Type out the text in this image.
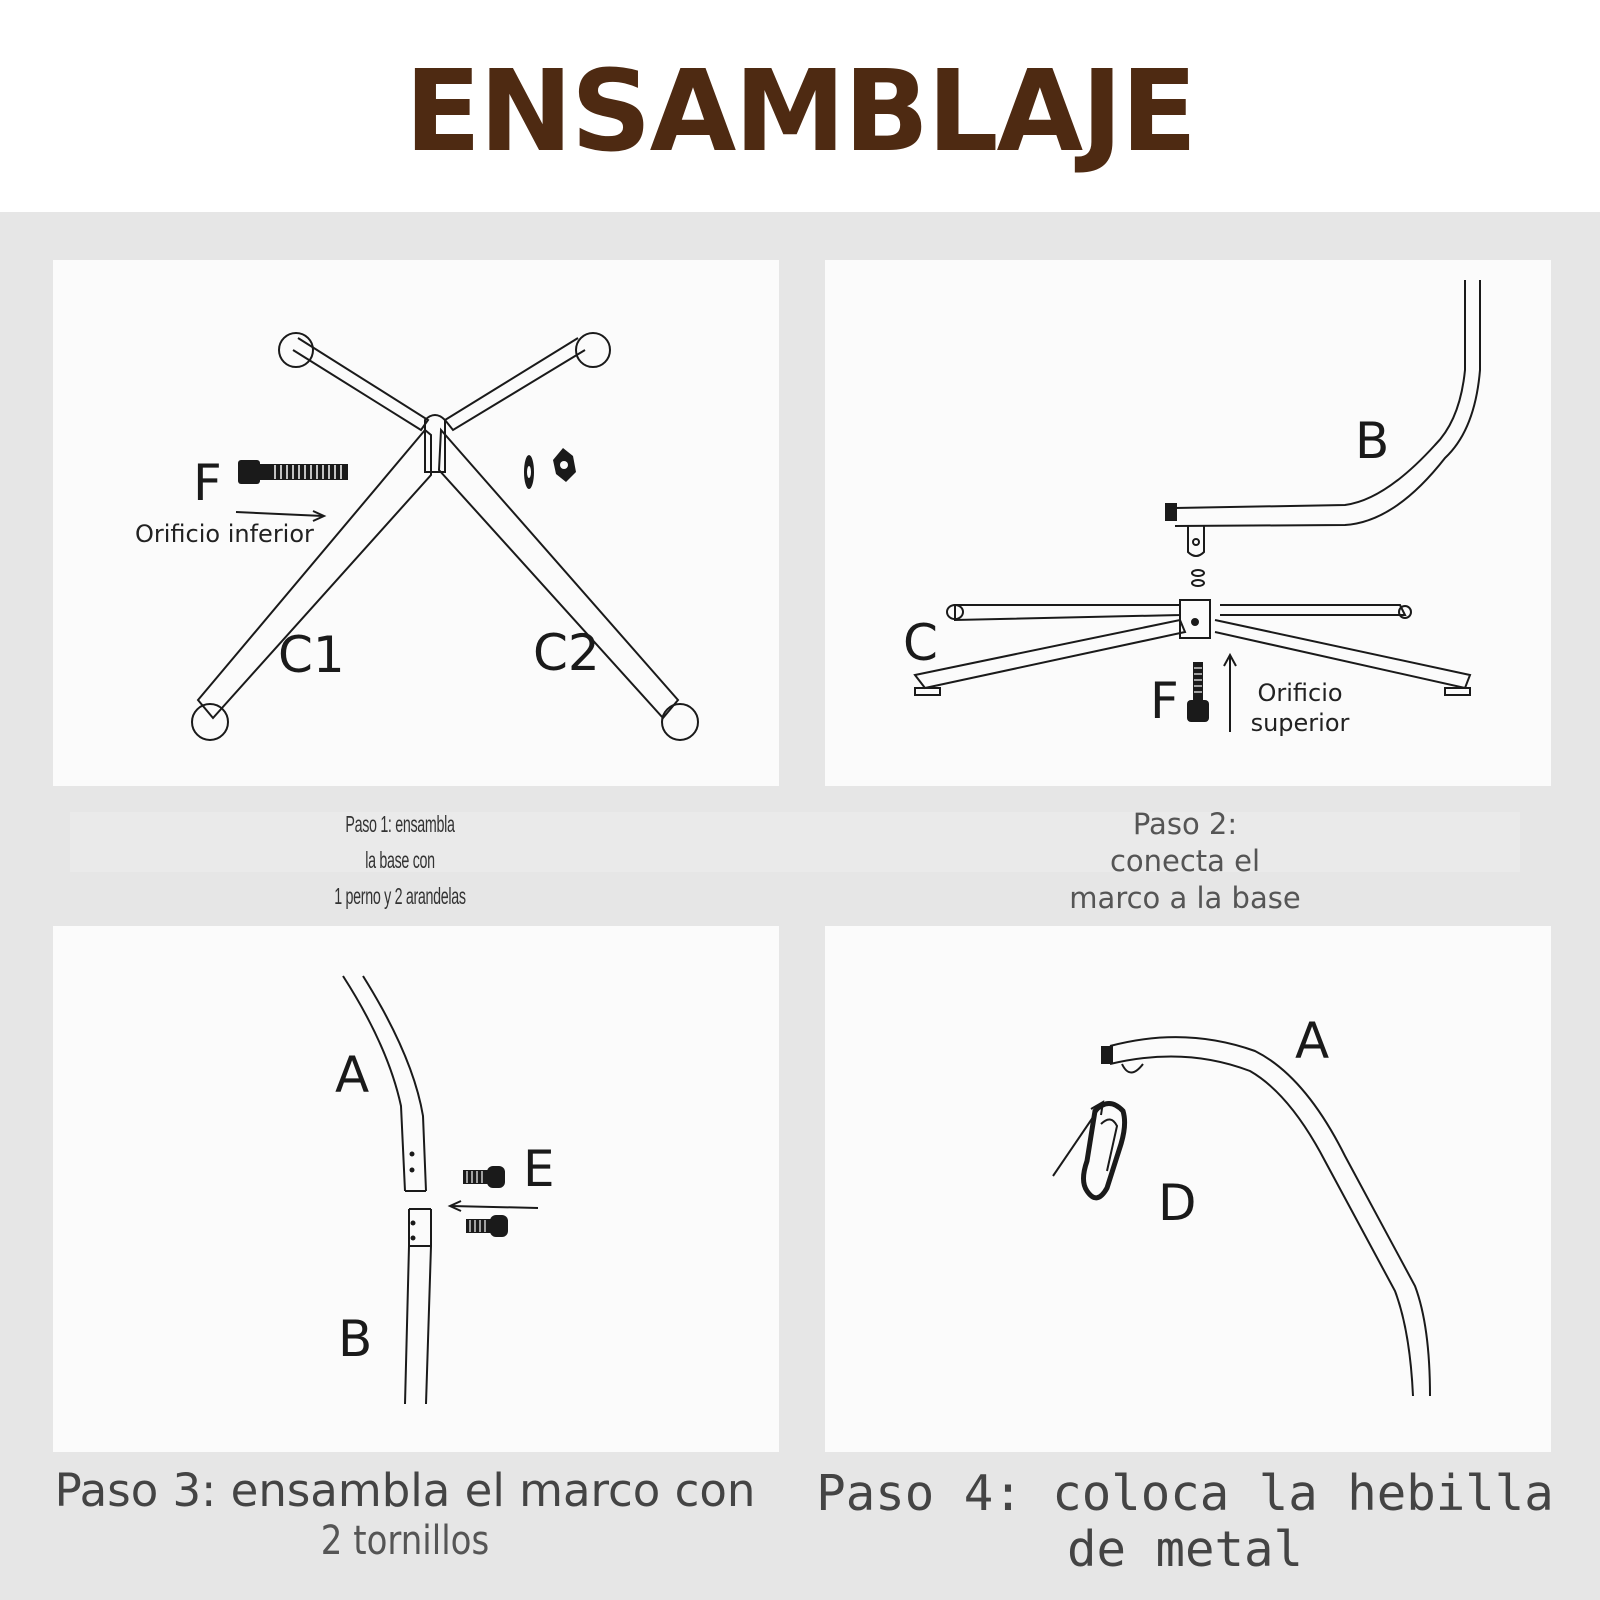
ENSAMBLAJE
F
Orificio inferior
C1	C2
B
C
F	Orificio
superior
Paso 1: ensambla
la base con
1 perno y 2 arandelas
Paso 2:
conecta el
marco a la base
A
E
B
A
D
Paso 3: ensambla el marco con
2 tornillos
Paso 4: coloca la hebilla
de metal
